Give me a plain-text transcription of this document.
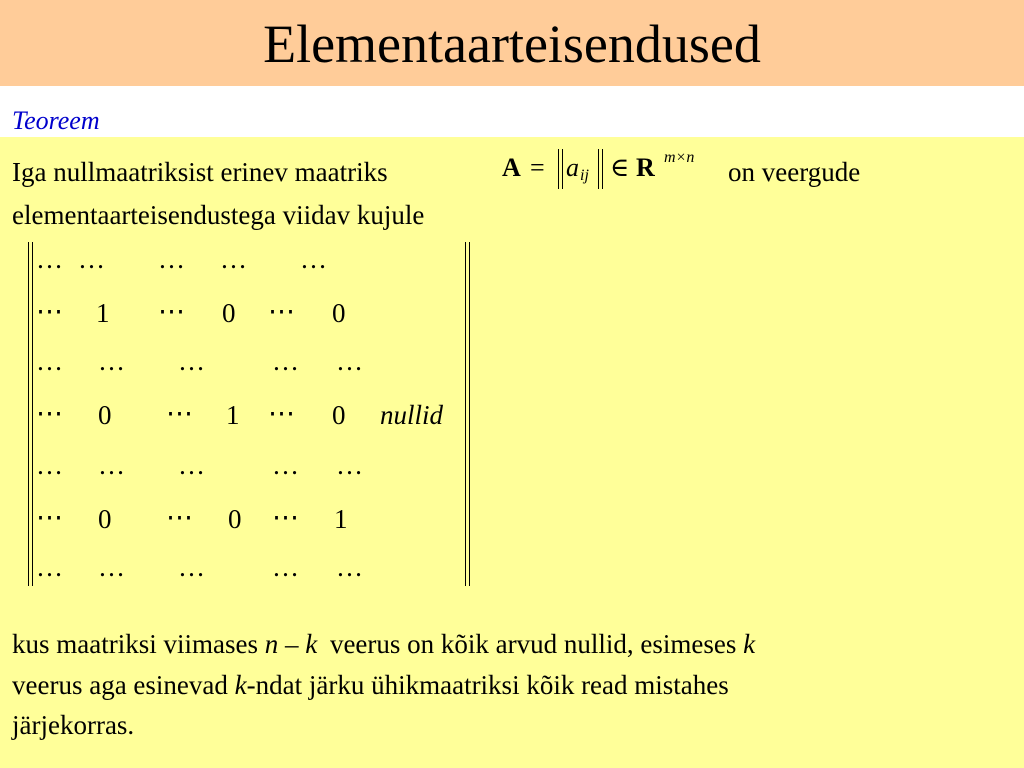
Elementaarteisendused
Teoreem
Iga nullmaatriksist erinev maatriks	A = a ij ∈ R m×n on veergude
elementaarteisendustega viidav kujule
… … … … …
⋯ 1 ⋯ 0 ⋯ 0
… … … … …
⋯ 0 ⋯ 1 ⋯ 0 nullid
… … … … …
⋯ 0 ⋯ 0 ⋯ 1
… … … … …
kus maatriksi viimases n – k veerus on kõik arvud nullid, esimeses k
veerus aga esinevad k-ndat järku ühikmaatriksi kõik read mistahes
järjekorras.
